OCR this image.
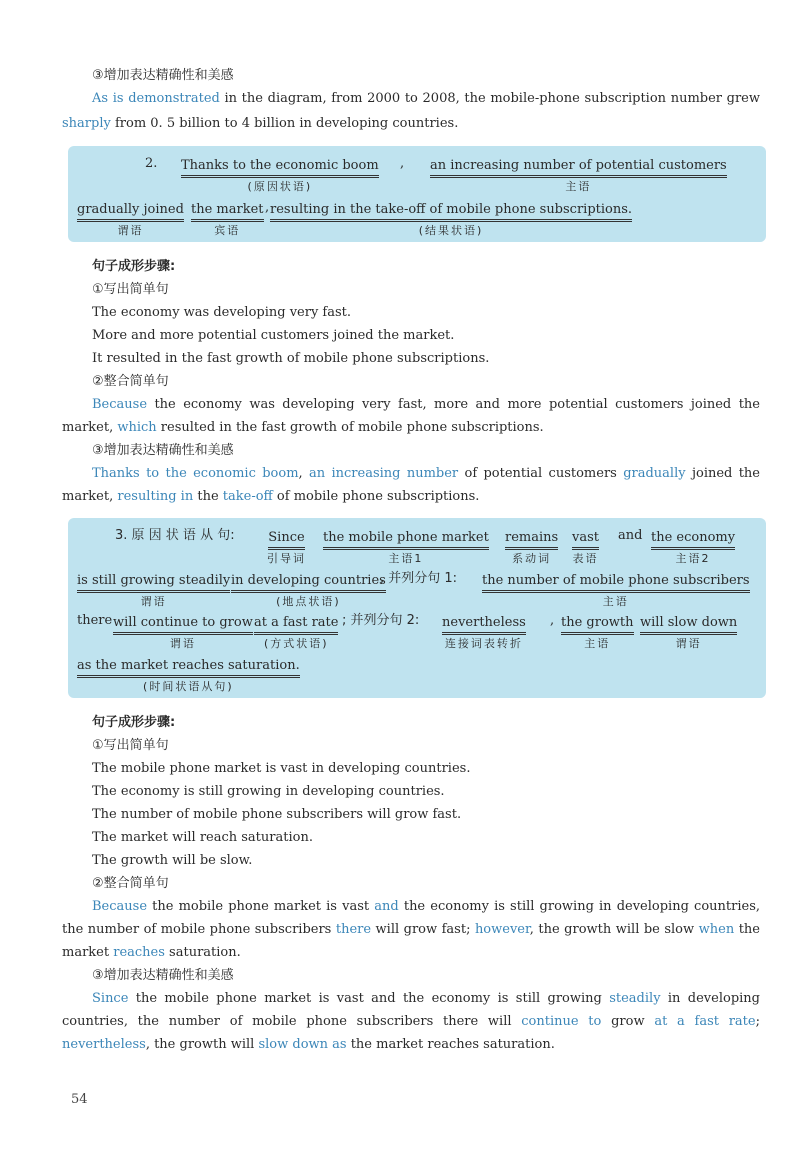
③增加表达精确性和美感
As is demonstrated in the diagram, from 2000 to 2008, the mobile-phone subscription number grew
sharply from 0. 5 billion to 4 billion in developing countries.
2. Thanks to the economic boom
(原因状语)
, an increasing number of potential customers
主语
gradually joined
谓语
the market
宾语
, resulting in the take-off of mobile phone subscriptions.
(结果状语)
句子成形步骤:
①写出简单句
The economy was developing very fast.
More and more potential customers joined the market.
It resulted in the fast growth of mobile phone subscriptions.
②整合简单句
Because the economy was developing very fast, more and more potential customers joined the
market, which resulted in the fast growth of mobile phone subscriptions.
③增加表达精确性和美感
Thanks to the economic boom, an increasing number of potential customers gradually joined the
market, resulting in the take-off of mobile phone subscriptions.
3. 原 因 状 语 从 句:	Since
引导词
the mobile phone market
主语1
remains
系动词
vast
表语
and the economy
主语2
is still growing steadily
谓语
in developing countries
(地点状语)
, 并列分句 1: the number of mobile phone subscribers
主语
there will continue to grow
谓语
at a fast rate
(方式状语)
; 并列分句 2: nevertheless
连接词表转折
, the growth
主语
will slow down
谓语
as the market reaches saturation.
(时间状语从句)
句子成形步骤:
①写出简单句
The mobile phone market is vast in developing countries.
The economy is still growing in developing countries.
The number of mobile phone subscribers will grow fast.
The market will reach saturation.
The growth will be slow.
②整合简单句
Because the mobile phone market is vast and the economy is still growing in developing countries,
the number of mobile phone subscribers there will grow fast; however, the growth will be slow when the
market reaches saturation.
③增加表达精确性和美感
Since the mobile phone market is vast and the economy is still growing steadily in developing
countries, the number of mobile phone subscribers there will continue to grow at a fast rate;
nevertheless, the growth will slow down as the market reaches saturation.
54
